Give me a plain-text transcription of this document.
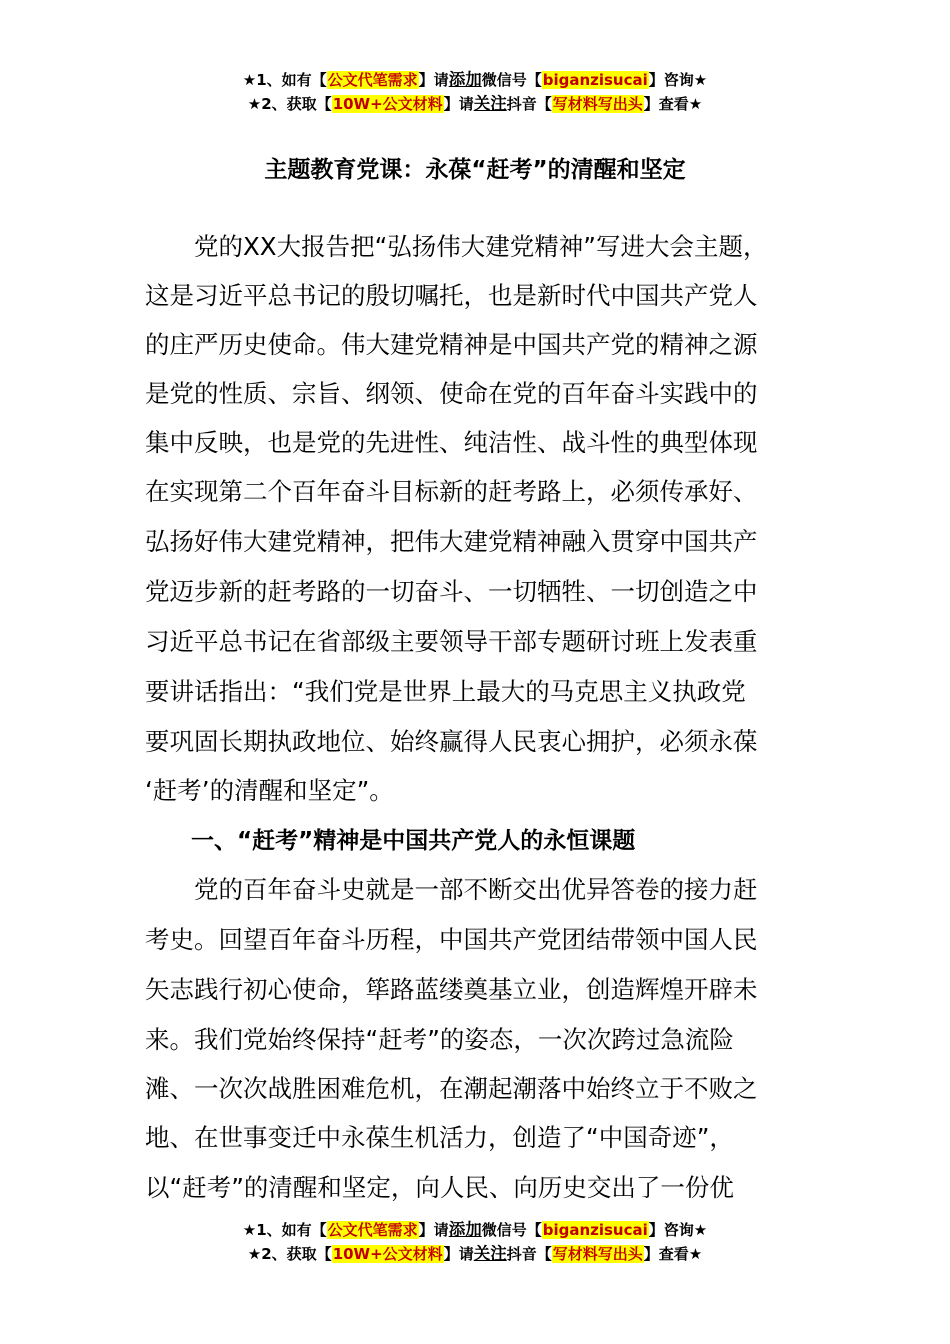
★1、如有【公文代笔需求】请添加微信号【biganzisucai】咨询★
★2、获取【10W+公文材料】请关注抖音【写材料写出头】查看★
主题教育党课：永葆“赶考”的清醒和坚定
　　党的XX大报告把“弘扬伟大建党精神”写进大会主题，
这是习近平总书记的殷切嘱托，也是新时代中国共产党人
的庄严历史使命。伟大建党精神是中国共产党的精神之源
是党的性质、宗旨、纲领、使命在党的百年奋斗实践中的
集中反映，也是党的先进性、纯洁性、战斗性的典型体现
在实现第二个百年奋斗目标新的赶考路上，必须传承好、
弘扬好伟大建党精神，把伟大建党精神融入贯穿中国共产
党迈步新的赶考路的一切奋斗、一切牺牲、一切创造之中
习近平总书记在省部级主要领导干部专题研讨班上发表重
要讲话指出：“我们党是世界上最大的马克思主义执政党
要巩固长期执政地位、始终赢得人民衷心拥护，必须永葆
‘赶考’的清醒和坚定”。
　　一、“赶考”精神是中国共产党人的永恒课题
　　党的百年奋斗史就是一部不断交出优异答卷的接力赶
考史。回望百年奋斗历程，中国共产党团结带领中国人民
矢志践行初心使命，筚路蓝缕奠基立业，创造辉煌开辟未
来。我们党始终保持“赶考”的姿态，一次次跨过急流险
滩、一次次战胜困难危机，在潮起潮落中始终立于不败之
地、在世事变迁中永葆生机活力，创造了“中国奇迹”，
以“赶考”的清醒和坚定，向人民、向历史交出了一份优
★1、如有【公文代笔需求】请添加微信号【biganzisucai】咨询★
★2、获取【10W+公文材料】请关注抖音【写材料写出头】查看★
